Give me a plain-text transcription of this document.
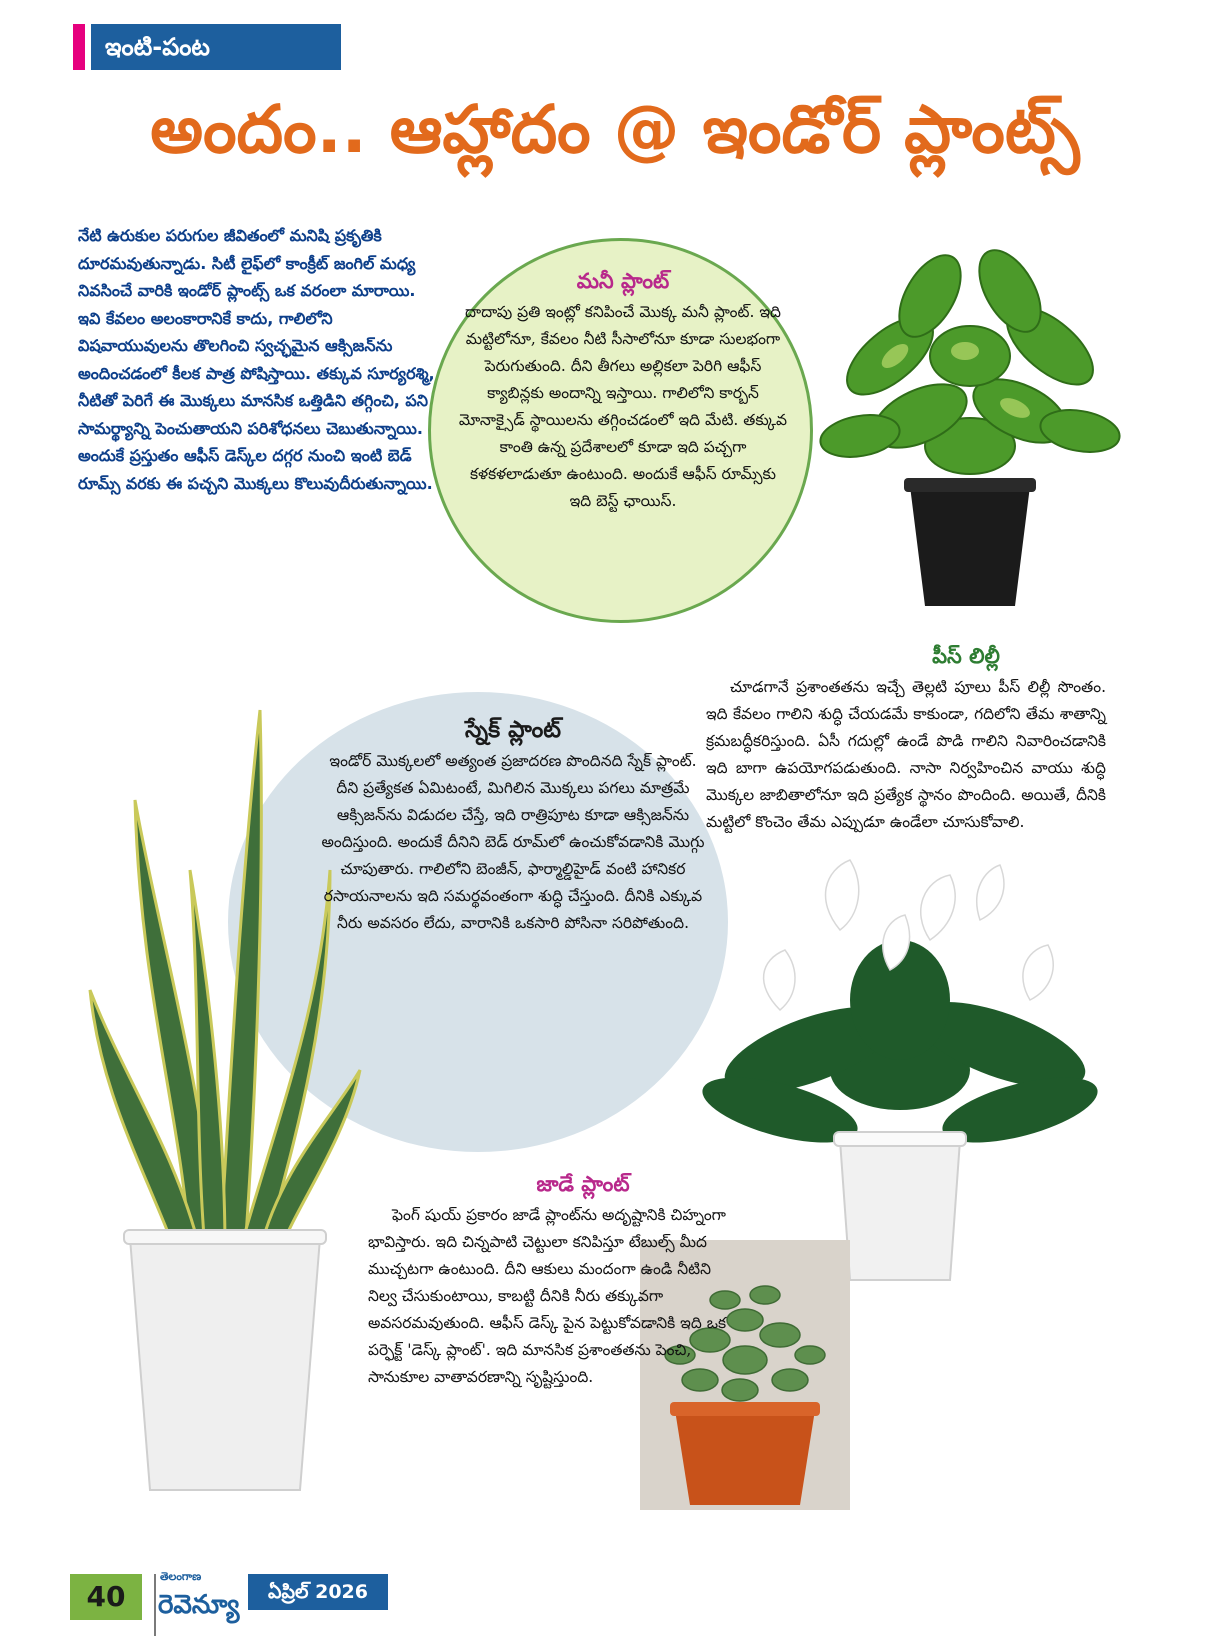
ఇంటి-పంట
అందం.. ఆహ్లాదం @ ఇండోర్ ప్లాంట్స్

నేటి ఉరుకుల పరుగుల జీవితంలో మనిషి ప్రకృతికి దూరమవుతున్నాడు. సిటీ లైఫ్‌లో కాంక్రీట్ జంగిల్ మధ్య నివసించే వారికి ఇండోర్ ప్లాంట్స్ ఒక వరంలా మారాయి. ఇవి కేవలం అలంకారానికే కాదు, గాలిలోని విషవాయువులను తొలగించి స్వచ్ఛమైన ఆక్సిజన్‌ను అందించడంలో కీలక పాత్ర పోషిస్తాయి. తక్కువ సూర్యరశ్మి, నీటితో పెరిగే ఈ మొక్కలు మానసిక ఒత్తిడిని తగ్గించి, పని సామర్థ్యాన్ని పెంచుతాయని పరిశోధనలు చెబుతున్నాయి. అందుకే ప్రస్తుతం ఆఫీస్ డెస్క్‌ల దగ్గర నుంచి ఇంటి బెడ్ రూమ్స్ వరకు ఈ పచ్చని మొక్కలు కొలువుదీరుతున్నాయి.

మనీ ప్లాంట్
దాదాపు ప్రతి ఇంట్లో కనిపించే మొక్క మనీ ప్లాంట్. ఇది మట్టిలోనూ, కేవలం నీటి సీసాలోనూ కూడా సులభంగా పెరుగుతుంది. దీని తీగలు అల్లికలా పెరిగి ఆఫీస్ క్యాబిన్లకు అందాన్ని ఇస్తాయి. గాలిలోని కార్బన్ మోనాక్సైడ్ స్థాయిలను తగ్గించడంలో ఇది మేటి. తక్కువ కాంతి ఉన్న ప్రదేశాలలో కూడా ఇది పచ్చగా కళకళలాడుతూ ఉంటుంది. అందుకే ఆఫీస్ రూమ్స్‌కు ఇది బెస్ట్ ఛాయిస్.
పీస్ లిల్లీ
చూడగానే ప్రశాంతతను ఇచ్చే తెల్లటి పూలు పీస్ లిల్లీ సొంతం. ఇది కేవలం గాలిని శుద్ధి చేయడమే కాకుండా, గదిలోని తేమ శాతాన్ని క్రమబద్ధీకరిస్తుంది. ఏసీ గదుల్లో ఉండే పొడి గాలిని నివారించడానికి ఇది బాగా ఉపయోగపడుతుంది. నాసా నిర్వహించిన వాయు శుద్ధి మొక్కల జాబితాలోనూ ఇది ప్రత్యేక స్థానం పొందింది. అయితే, దీనికి మట్టిలో కొంచెం తేమ ఎప్పుడూ ఉండేలా చూసుకోవాలి.
స్నేక్ ప్లాంట్
ఇండోర్ మొక్కలలో అత్యంత ప్రజాదరణ పొందినది స్నేక్ ప్లాంట్. దీని ప్రత్యేకత ఏమిటంటే, మిగిలిన మొక్కలు పగలు మాత్రమే ఆక్సిజన్‌ను విడుదల చేస్తే, ఇది రాత్రిపూట కూడా ఆక్సిజన్‌ను అందిస్తుంది. అందుకే దీనిని బెడ్ రూమ్‌లో ఉంచుకోవడానికి మొగ్గు చూపుతారు. గాలిలోని బెంజీన్, ఫార్మాల్డిహైడ్ వంటి హానికర రసాయనాలను ఇది సమర్థవంతంగా శుద్ధి చేస్తుంది. దీనికి ఎక్కువ నీరు అవసరం లేదు, వారానికి ఒకసారి పోసినా సరిపోతుంది.
జాడే ప్లాంట్
ఫెంగ్ షుయ్ ప్రకారం జాడే ప్లాంట్‌ను అదృష్టానికి చిహ్నంగా భావిస్తారు. ఇది చిన్నపాటి చెట్టులా కనిపిస్తూ టేబుల్స్ మీద ముచ్చటగా ఉంటుంది. దీని ఆకులు మందంగా ఉండి నీటిని నిల్వ చేసుకుంటాయి, కాబట్టి దీనికి నీరు తక్కువగా అవసరమవుతుంది. ఆఫీస్ డెస్క్ పైన పెట్టుకోవడానికి ఇది ఒక పర్ఫెక్ట్ 'డెస్క్ ప్లాంట్'. ఇది మానసిక ప్రశాంతతను పెంచి, సానుకూల వాతావరణాన్ని సృష్టిస్తుంది.
40
తెలంగాణ
రెవెన్యూ	ఏప్రిల్ 2026
